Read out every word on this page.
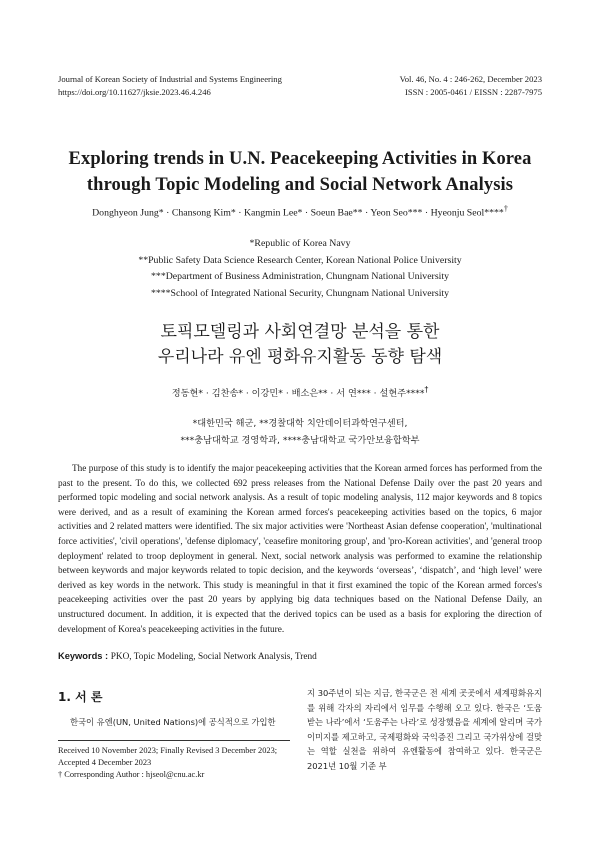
Journal of Korean Society of Industrial and Systems Engineering
https://doi.org/10.11627/jksie.2023.46.4.246
Vol. 46, No. 4 : 246-262, December 2023
ISSN : 2005-0461 / EISSN : 2287-7975
Exploring trends in U.N. Peacekeeping Activities in Korea
through Topic Modeling and Social Network Analysis
Donghyeon Jung* · Chansong Kim* · Kangmin Lee* · Soeun Bae** · Yeon Seo*** · Hyeonju Seol****†
*Republic of Korea Navy
**Public Safety Data Science Research Center, Korean National Police University
***Department of Business Administration, Chungnam National University
****School of Integrated National Security, Chungnam National University
토픽모델링과 사회연결망 분석을 통한
우리나라 유엔 평화유지활동 동향 탐색
정동현* · 김찬송* · 이강민* · 배소은** · 서 연*** · 설현주****†
*대한민국 해군, **경찰대학 치안데이터과학연구센터,
***충남대학교 경영학과, ****충남대학교 국가안보융합학부

The purpose of this study is to identify the major peacekeeping activities that the Korean armed forces has performed from the past to the present. To do this, we collected 692 press releases from the National Defense Daily over the past 20 years and performed topic modeling and social network analysis. As a result of topic modeling analysis, 112 major keywords and 8 topics were derived, and as a result of examining the Korean armed forces's peacekeeping activities based on the topics, 6 major activities and 2 related matters were identified. The six major activities were 'Northeast Asian defense cooperation', 'multinational force activities', 'civil operations', 'defense diplomacy', 'ceasefire monitoring group', and 'pro-Korean activities', and 'general troop deployment' related to troop deployment in general. Next, social network analysis was performed to examine the relationship between keywords and major keywords related to topic decision, and the keywords ‘overseas’, ‘dispatch’, and ‘high level’ were derived as key words in the network. This study is meaningful in that it first examined the topic of the Korean armed forces's peacekeeping activities over the past 20 years by applying big data techniques based on the National Defense Daily, an unstructured document. In addition, it is expected that the derived topics can be used as a basis for exploring the direction of development of Korea's peacekeeping activities in the future.

Keywords : PKO, Topic Modeling, Social Network Analysis, Trend
1. 서 론

한국이 유엔(UN, United Nations)에 공식적으로 가입한

Received 10 November 2023; Finally Revised 3 December 2023; Accepted 4 December 2023

† Corresponding Author : hjseol@cnu.ac.kr

지 30주년이 되는 지금, 한국군은 전 세계 곳곳에서 세계평화유지를 위해 각자의 자리에서 임무를 수행해 오고 있다. 한국은 ‘도움받는 나라’에서 ‘도움주는 나라’로 성장했음을 세계에 알리며 국가 이미지를 제고하고, 국제평화와 국익증진 그리고 국가위상에 걸맞는 역할 실천을 위하여 유엔활동에 참여하고 있다. 한국군은 2021년 10월 기준 부
